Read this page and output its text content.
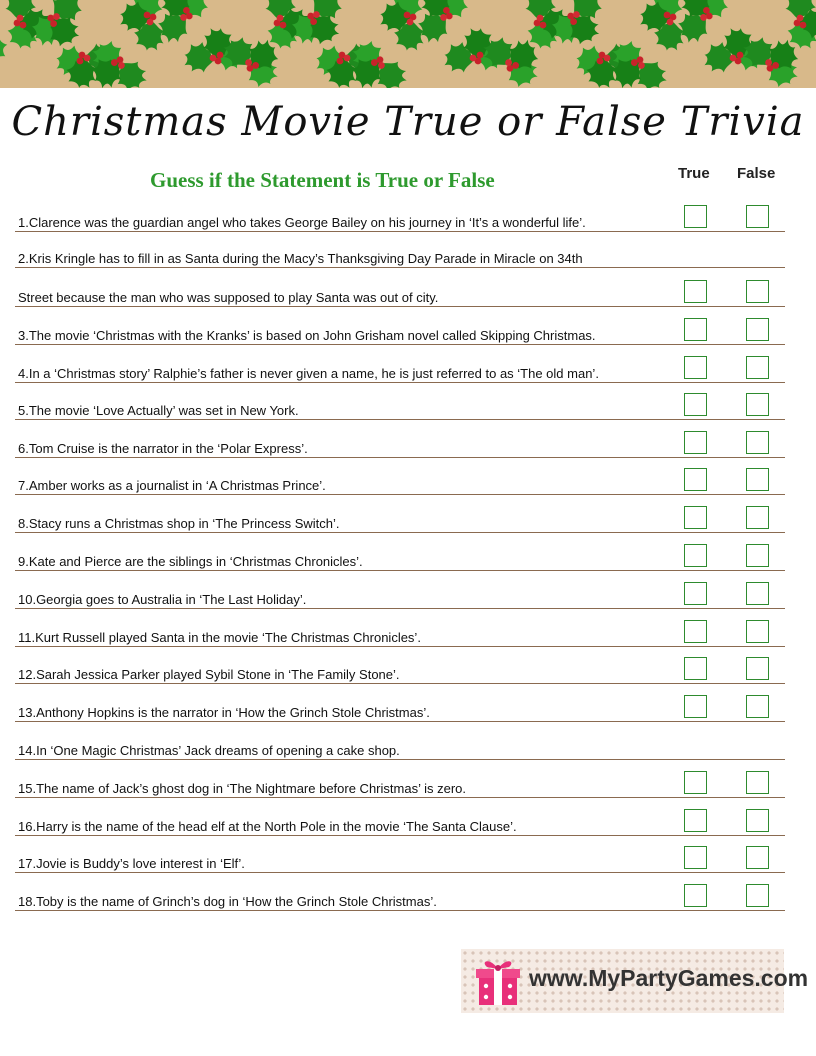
Christmas Movie True or False Trivia
Guess if the Statement is True or False	True False
1.Clarence was the guardian angel who takes George Bailey on his journey in ‘It’s a wonderful life’.
2.Kris Kringle has to fill in as Santa during the Macy’s Thanksgiving Day Parade in Miracle on 34th
Street because the man who was supposed to play Santa was out of city.
3.The movie ‘Christmas with the Kranks’ is based on John Grisham novel called Skipping Christmas.
4.In a ‘Christmas story’ Ralphie’s father is never given a name, he is just referred to as ‘The old man’.
5.The movie ‘Love Actually’ was set in New York.
6.Tom Cruise is the narrator in the ‘Polar Express’.
7.Amber works as a journalist in ‘A Christmas Prince’.
8.Stacy runs a Christmas shop in ‘The Princess Switch’.
9.Kate and Pierce are the siblings in ‘Christmas Chronicles’.
10.Georgia goes to Australia in ‘The Last Holiday’.
11.Kurt Russell played Santa in the movie ‘The Christmas Chronicles’.
12.Sarah Jessica Parker played Sybil Stone in ‘The Family Stone’.
13.Anthony Hopkins is the narrator in ‘How the Grinch Stole Christmas’.
14.In ‘One Magic Christmas’ Jack dreams of opening a cake shop.
15.The name of Jack’s ghost dog in ‘The Nightmare before Christmas’ is zero.
16.Harry is the name of the head elf at the North Pole in the movie ‘The Santa Clause’.
17.Jovie is Buddy’s love interest in ‘Elf’.
18.Toby is the name of Grinch’s dog in ‘How the Grinch Stole Christmas’.
www.MyPartyGames.com
